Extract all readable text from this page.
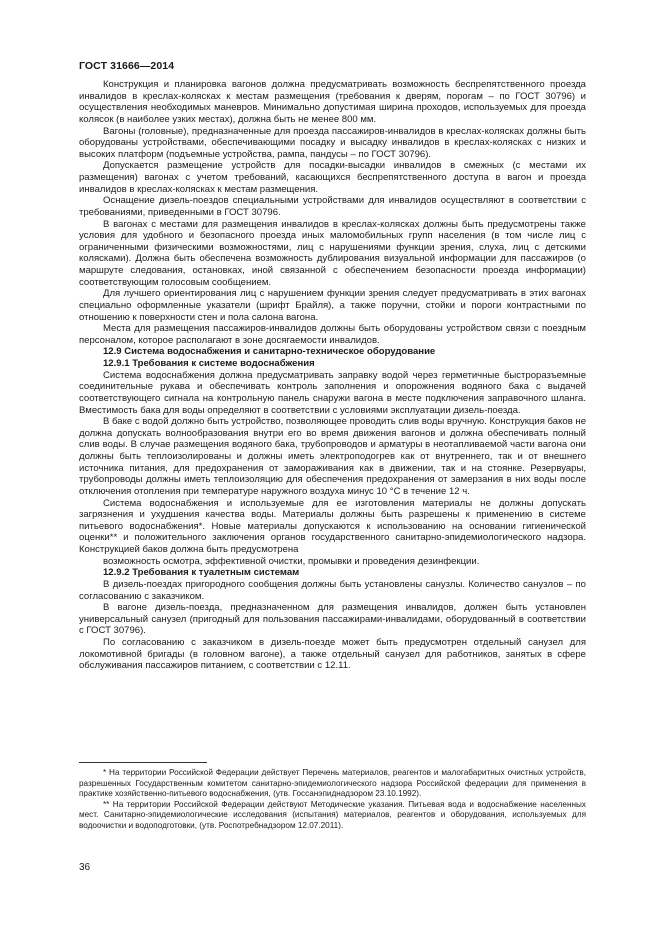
ГОСТ 31666—2014

Конструкция и планировка вагонов должна предусматривать возможность беспрепятственного проезда инвалидов в креслах-колясках к местам размещения (требования к дверям, порогам – по ГОСТ 30796) и осуществления необходимых маневров. Минимально допустимая ширина проходов, используемых для проезда колясок (в наиболее узких местах), должна быть не менее 800 мм.

Вагоны (головные), предназначенные для проезда пассажиров-инвалидов в креслах-колясках должны быть оборудованы устройствами, обеспечивающими посадку и высадку инвалидов в креслах-колясках с низких и высоких платформ (подъемные устройства, рампа, пандусы – по ГОСТ 30796).

Допускается размещение устройств для посадки-высадки инвалидов в смежных (с местами их размещения) вагонах с учетом требований, касающихся беспрепятственного доступа в вагон и проезда инвалидов в креслах-колясках к местам размещения.

Оснащение дизель-поездов специальными устройствами для инвалидов осуществляют в соответствии с требованиями, приведенными в ГОСТ 30796.

В вагонах с местами для размещения инвалидов в креслах-колясках должны быть предусмотрены также условия для удобного и безопасного проезда иных маломобильных групп населения (в том числе лиц с ограниченными физическими возможностями, лиц с нарушениями функции зрения, слуха, лиц с детскими колясками). Должна быть обеспечена возможность дублирования визуальной информации для пассажиров (о маршруте следования, остановках, иной связанной с обеспечением безопасности проезда информации) соответствующим голосовым сообщением.

Для лучшего ориентирования лиц с нарушением функции зрения следует предусматривать в этих вагонах специально оформленные указатели (шрифт Брайля), а также поручни, стойки и пороги контрастными по отношению к поверхности стен и пола салона вагона.

Места для размещения пассажиров-инвалидов должны быть оборудованы устройством связи с поездным персоналом, которое располагают в зоне досягаемости инвалидов.

12.9 Система водоснабжения и санитарно-техническое оборудование

12.9.1 Требования к системе водоснабжения

Система водоснабжения должна предусматривать заправку водой через герметичные быстроразъемные соединительные рукава и обеспечивать контроль заполнения и опорожнения водяного бака с выдачей соответствующего сигнала на контрольную панель снаружи вагона в месте подключения заправочного шланга. Вместимость бака для воды определяют в соответствии с условиями эксплуатации дизель-поезда.

В баке с водой должно быть устройство, позволяющее проводить слив воды вручную. Конструкция баков не должна допускать волнообразования внутри его во время движения вагонов и должна обеспечивать полный слив воды. В случае размещения водяного бака, трубопроводов и арматуры в неотапливаемой части вагона они должны быть теплоизолированы и должны иметь электроподогрев как от внутреннего, так и от внешнего источника питания, для предохранения от замораживания как в движении, так и на стоянке. Резервуары, трубопроводы должны иметь теплоизоляцию для обеспечения предохранения от замерзания в них воды после отключения отопления при температуре наружного воздуха минус 10 °С в течение 12 ч.

Система водоснабжения и используемые для ее изготовления материалы не должны допускать загрязнения и ухудшения качества воды. Материалы должны быть разрешены к применению в системе питьевого водоснабжения*. Новые материалы допускаются к использованию на основании гигиенической оценки** и положительного заключения органов государственного санитарно-эпидемиологического надзора. Конструкцией баков должна быть предусмотрена

возможность осмотра, эффективной очистки, промывки и проведения дезинфекции.

12.9.2 Требования к туалетным системам

В дизель-поездах пригородного сообщения должны быть установлены санузлы. Количество санузлов – по согласованию с заказчиком.

В вагоне дизель-поезда, предназначенном для размещения инвалидов, должен быть установлен универсальный санузел (пригодный для пользования пассажирами-инвалидами, оборудованный в соответствии с ГОСТ 30796).

По согласованию с заказчиком в дизель-поезде может быть предусмотрен отдельный санузел для локомотивной бригады (в головном вагоне), а также отдельный санузел для работников, занятых в сфере обслуживания пассажиров питанием, с соответствии с 12.11.

* На территории Российской Федерации действует Перечень материалов, реагентов и малогабаритных очистных устройств, разрешенных Государственным комитетом санитарно-эпидемиологического надзора Российской федерации для применения в практике хозяйственно-питьевого водоснабжения, (утв. Госсанэпиднадзором 23.10.1992).

** На территории Российской Федерации действуют Методические указания. Питьевая вода и водоснабжение населенных мест. Санитарно-эпидемиологические исследования (испытания) материалов, реагентов и оборудования, используемых для водоочистки и водоподготовки, (утв. Роспотребнадзором 12.07.2011).

36
